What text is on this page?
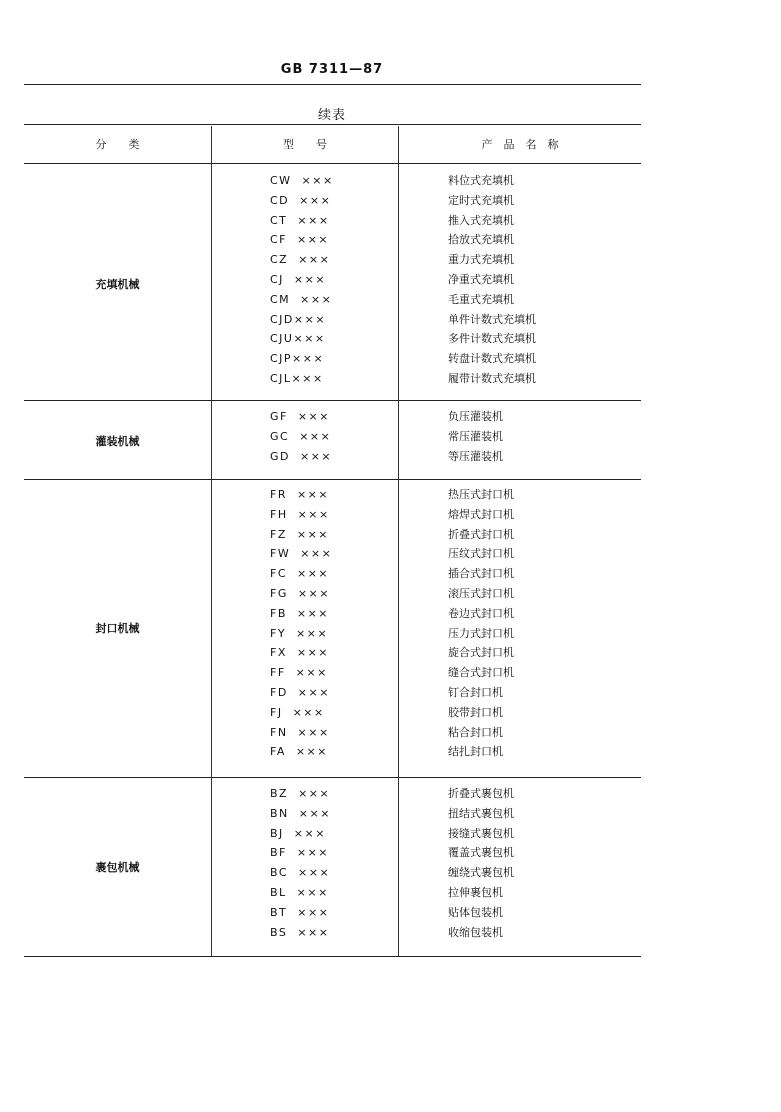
GB 7311—87
续表
分　　类	型　　号	产　品　名　称
充填机械
CW  ×××	料位式充填机
CD  ×××	定时式充填机
CT  ×××	推入式充填机
CF  ×××	拾放式充填机
CZ  ×××	重力式充填机
CJ  ×××	净重式充填机
CM  ×××	毛重式充填机
CJD×××	单件计数式充填机
CJU×××	多件计数式充填机
CJP×××	转盘计数式充填机
CJL×××	履带计数式充填机
灌装机械
GF  ×××	负压灌装机
GC  ×××	常压灌装机
GD  ×××	等压灌装机
封口机械
FR  ×××	热压式封口机
FH  ×××	熔焊式封口机
FZ  ×××	折叠式封口机
FW  ×××	压纹式封口机
FC  ×××	插合式封口机
FG  ×××	滚压式封口机
FB  ×××	卷边式封口机
FY  ×××	压力式封口机
FX  ×××	旋合式封口机
FF  ×××	缝合式封口机
FD  ×××	钉合封口机
FJ  ×××	胶带封口机
FN  ×××	粘合封口机
FA  ×××	结扎封口机
裹包机械
BZ  ×××	折叠式裹包机
BN  ×××	扭结式裹包机
BJ  ×××	接缝式裹包机
BF  ×××	覆盖式裹包机
BC  ×××	缠绕式裹包机
BL  ×××	拉伸裹包机
BT  ×××	贴体包装机
BS  ×××	收缩包装机
